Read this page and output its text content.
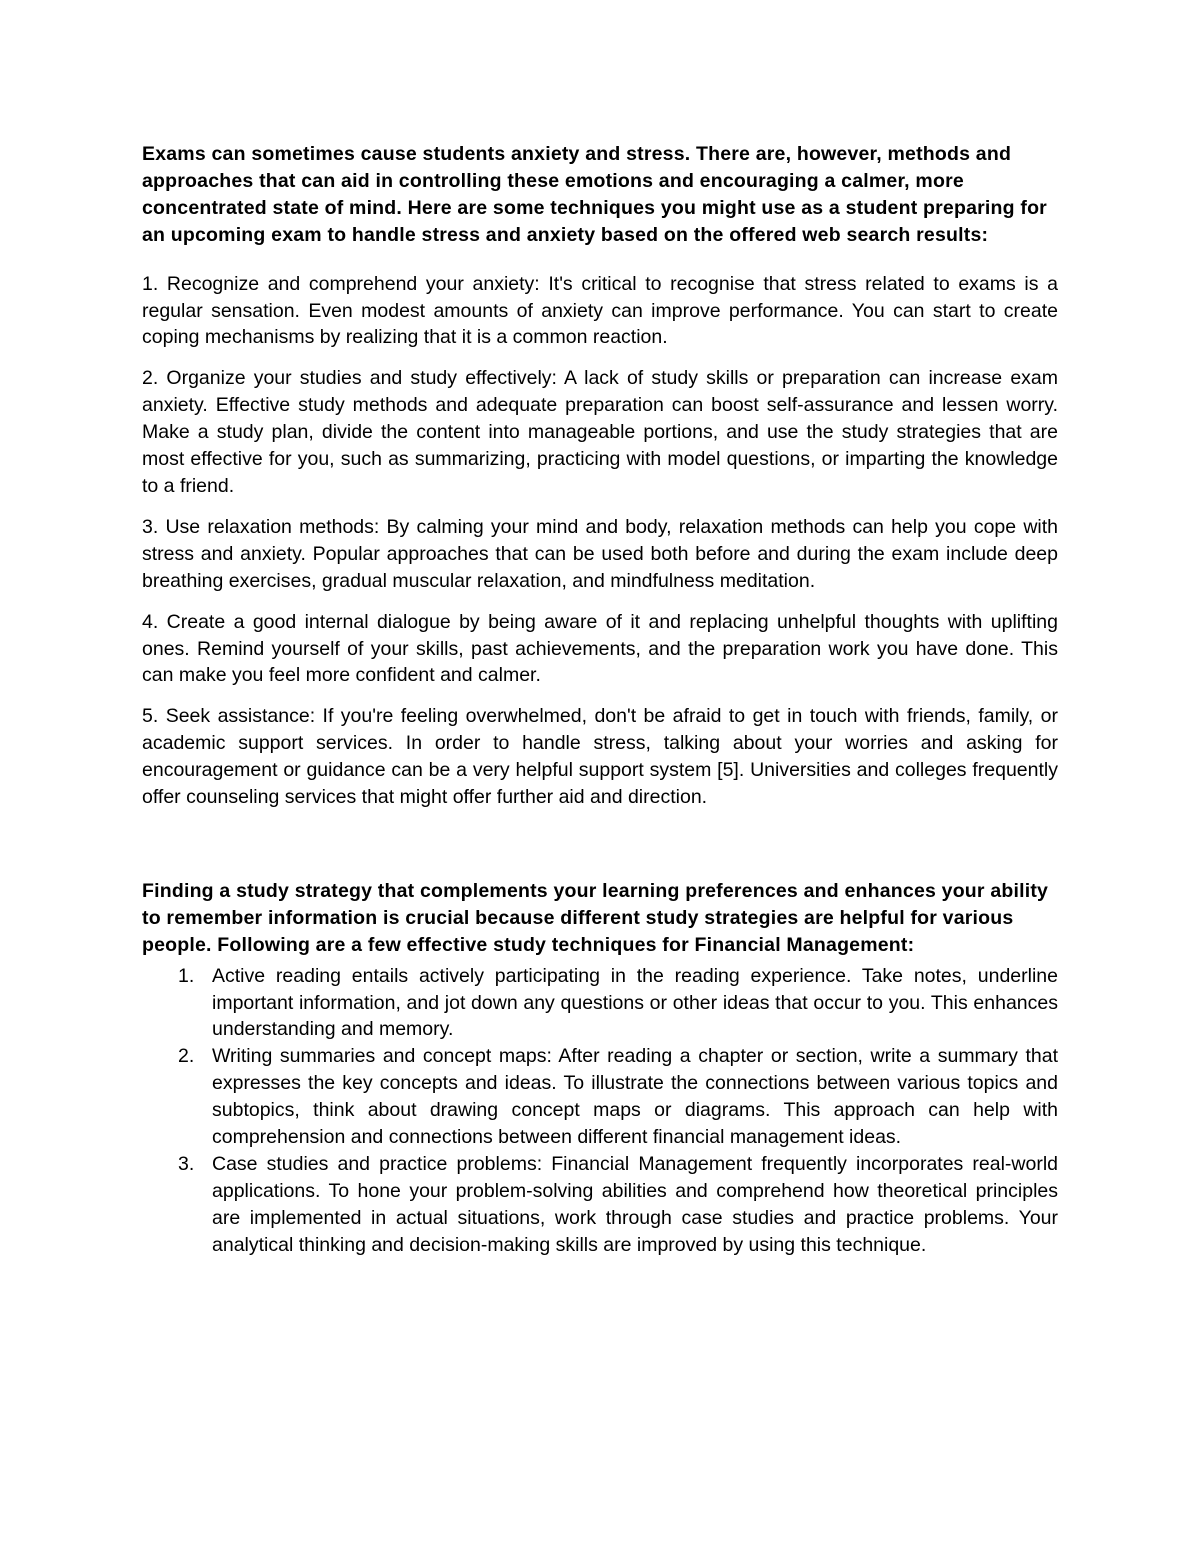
Exams can sometimes cause students anxiety and stress. There are, however, methods and approaches that can aid in controlling these emotions and encouraging a calmer, more concentrated state of mind. Here are some techniques you might use as a student preparing for an upcoming exam to handle stress and anxiety based on the offered web search results:

1. Recognize and comprehend your anxiety: It's critical to recognise that stress related to exams is a regular sensation. Even modest amounts of anxiety can improve performance. You can start to create coping mechanisms by realizing that it is a common reaction.

2. Organize your studies and study effectively: A lack of study skills or preparation can increase exam anxiety. Effective study methods and adequate preparation can boost self-assurance and lessen worry. Make a study plan, divide the content into manageable portions, and use the study strategies that are most effective for you, such as summarizing, practicing with model questions, or imparting the knowledge to a friend.

3. Use relaxation methods: By calming your mind and body, relaxation methods can help you cope with stress and anxiety. Popular approaches that can be used both before and during the exam include deep breathing exercises, gradual muscular relaxation, and mindfulness meditation.

4. Create a good internal dialogue by being aware of it and replacing unhelpful thoughts with uplifting ones. Remind yourself of your skills, past achievements, and the preparation work you have done. This can make you feel more confident and calmer.

5. Seek assistance: If you're feeling overwhelmed, don't be afraid to get in touch with friends, family, or academic support services. In order to handle stress, talking about your worries and asking for encouragement or guidance can be a very helpful support system [5]. Universities and colleges frequently offer counseling services that might offer further aid and direction.

Finding a study strategy that complements your learning preferences and enhances your ability to remember information is crucial because different study strategies are helpful for various people. Following are a few effective study techniques for Financial Management:

1. Active reading entails actively participating in the reading experience. Take notes, underline important information, and jot down any questions or other ideas that occur to you. This enhances understanding and memory.
2. Writing summaries and concept maps: After reading a chapter or section, write a summary that expresses the key concepts and ideas. To illustrate the connections between various topics and subtopics, think about drawing concept maps or diagrams. This approach can help with comprehension and connections between different financial management ideas.
3. Case studies and practice problems: Financial Management frequently incorporates real-world applications. To hone your problem-solving abilities and comprehend how theoretical principles are implemented in actual situations, work through case studies and practice problems. Your analytical thinking and decision-making skills are improved by using this technique.
